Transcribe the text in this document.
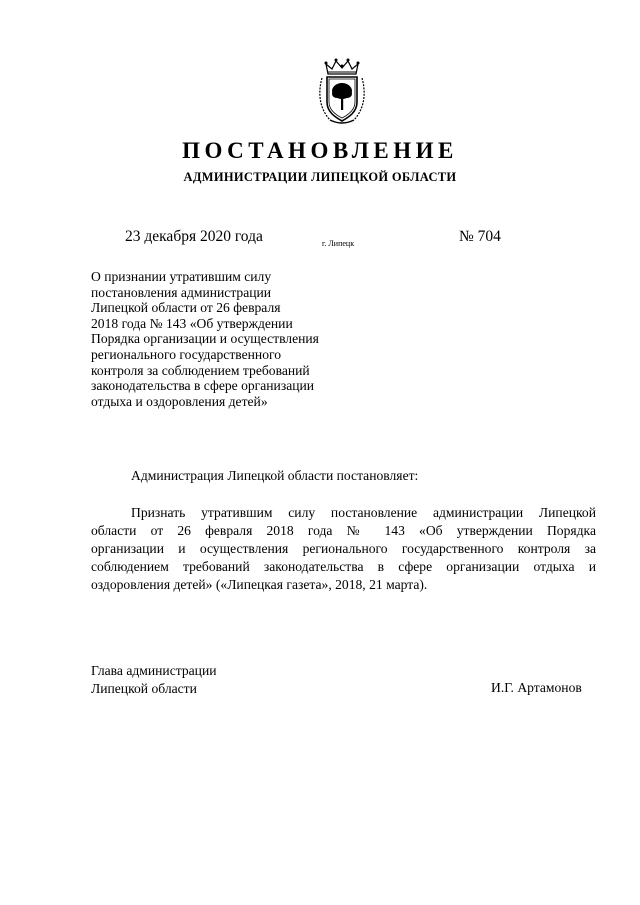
ПОСТАНОВЛЕНИЕ
АДМИНИСТРАЦИИ ЛИПЕЦКОЙ ОБЛАСТИ
23 декабря 2020 года	г. Липецк	№ 704
О признании утратившим силу
постановления администрации
Липецкой области от 26 февраля
2018 года № 143 «Об утверждении
Порядка организации и осуществления
регионального государственного
контроля за соблюдением требований
законодательства в сфере организации
отдыха и оздоровления детей»
Администрация Липецкой области постановляет:
Признать утратившим силу постановление администрации Липецкой
области от 26 февраля 2018 года № 143 «Об утверждении Порядка
организации и осуществления регионального государственного контроля за
соблюдением требований законодательства в сфере организации отдыха и
оздоровления детей» («Липецкая газета», 2018, 21 марта).
Глава администрации
Липецкой области	И.Г. Артамонов
